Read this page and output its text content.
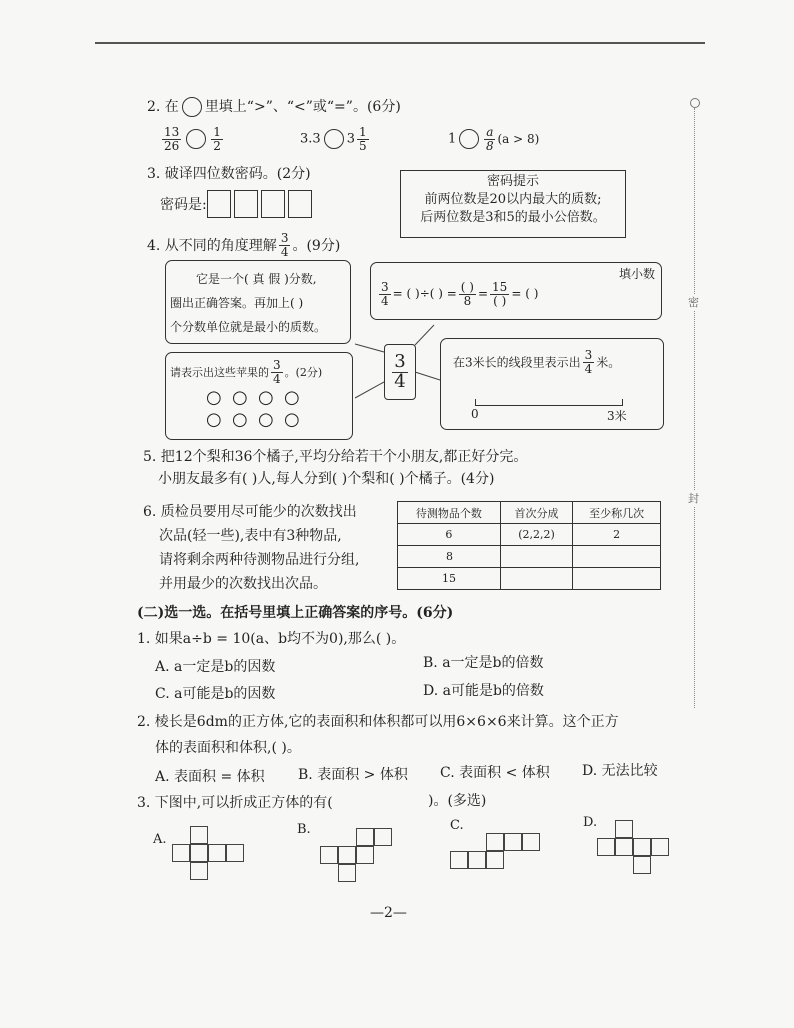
2. 在 里填上“>”、“<”或“=”。(6分)
$\frac{13}{26}$	$\frac{1}{2}$	3.3 $3 \frac{1}{5}$	$1 \frac{a}{8} (a > 8)$
3. 破译四位数密码。(2分)
密码是:
密码提示
前两位数是20以内最大的质数;
后两位数是3和5的最小公倍数。
4. 从不同的角度理解 $\frac{3}{4}$ 。(9分)
它是一个( 真 假 )分数,
圈出正确答案。再加上( )
个分数单位就是最小的质数。
填小数
$\frac{3}{4}$ = ( )÷( ) = $\frac{( )}{8} = \frac{15}{( )}$ = ( )
$\frac{3}{4}$
请表示出这些苹果的 $\frac{3}{4}$ 。(2分)
○ ○ ○ ○○ ○ ○ ○
在3米长的线段里表示出 $\frac{3}{4}$ 米。
0	3米
5. 把12个梨和36个橘子,平均分给若干个小朋友,都正好分完。
小朋友最多有( )人,每人分到( )个梨和( )个橘子。(4分)
6. 质检员要用尽可能少的次数找出
次品(轻一些),表中有3种物品,
请将剩余两种待测物品进行分组,
并用最少的次数找出次品。
待测物品个数	首次分成	至少称几次
6	(2,2,2)	2
8		
15		
(二)选一选。在括号里填上正确答案的序号。(6分)
1. 如果a÷b = 10(a、b均不为0),那么( )。
A. a一定是b的因数	B. a一定是b的倍数
C. a可能是b的因数	D. a可能是b的倍数
2. 棱长是6dm的正方体,它的表面积和体积都可以用6×6×6来计算。这个正方
体的表面积和体积,( )。
A. 表面积 = 体积 B. 表面积 > 体积 C. 表面积 < 体积 D. 无法比较
3. 下图中,可以折成正方体的有(	)。(多选)
A.
B.	C.	D.
—2—
密
封
